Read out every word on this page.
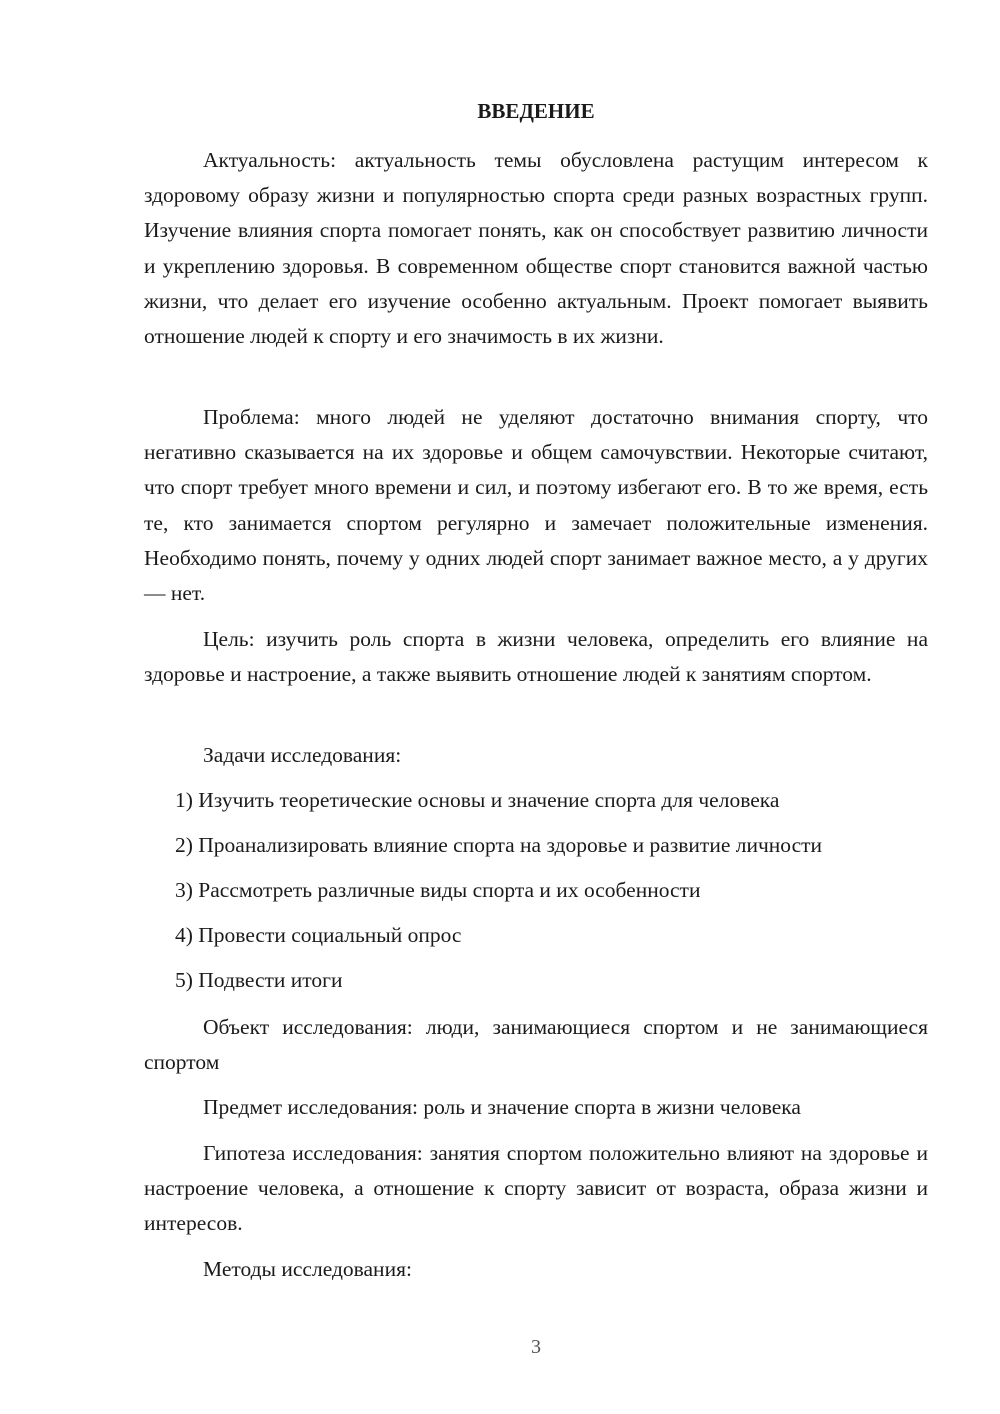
ВВЕДЕНИЕ

Актуальность: актуальность темы обусловлена растущим интересом к здоровому образу жизни и популярностью спорта среди разных возрастных групп. Изучение влияния спорта помогает понять, как он способствует развитию личности и укреплению здоровья. В современном обществе спорт становится важной частью жизни, что делает его изучение особенно актуальным. Проект помогает выявить отношение людей к спорту и его значимость в их жизни.

Проблема: много людей не уделяют достаточно внимания спорту, что негативно сказывается на их здоровье и общем самочувствии. Некоторые считают, что спорт требует много времени и сил, и поэтому избегают его. В то же время, есть те, кто занимается спортом регулярно и замечает положительные изменения. Необходимо понять, почему у одних людей спорт занимает важное место, а у других — нет.

Цель: изучить роль спорта в жизни человека, определить его влияние на здоровье и настроение, а также выявить отношение людей к занятиям спортом.

Задачи исследования:

1) Изучить теоретические основы и значение спорта для человека

2) Проанализировать влияние спорта на здоровье и развитие личности

3) Рассмотреть различные виды спорта и их особенности

4) Провести социальный опрос

5) Подвести итоги

Объект исследования: люди, занимающиеся спортом и не занимающиеся спортом

Предмет исследования: роль и значение спорта в жизни человека

Гипотеза исследования: занятия спортом положительно влияют на здоровье и настроение человека, а отношение к спорту зависит от возраста, образа жизни и интересов.

Методы исследования:

3
